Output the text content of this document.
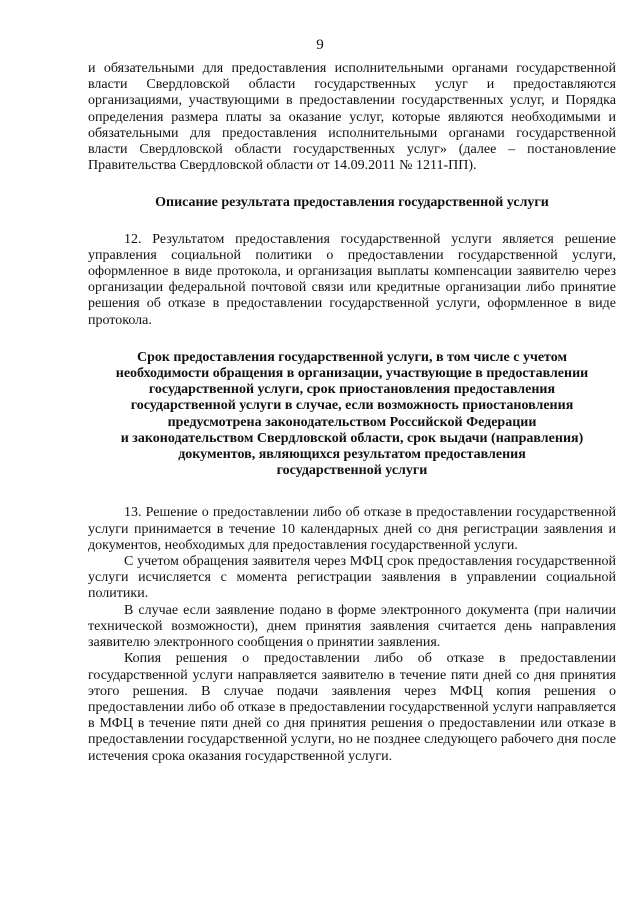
9

и обязательными для предоставления исполнительными органами государственной власти Свердловской области государственных услуг и предоставляются организациями, участвующими в предоставлении государственных услуг, и Порядка определения размера платы за оказание услуг, которые являются необходимыми и обязательными для предоставления исполнительными органами государственной власти Свердловской области государственных услуг» (далее – постановление Правительства Свердловской области от 14.09.2011 № 1211-ПП).

Описание результата предоставления государственной услуги

12. Результатом предоставления государственной услуги является решение управления социальной политики о предоставлении государственной услуги, оформленное в виде протокола, и организация выплаты компенсации заявителю через организации федеральной почтовой связи или кредитные организации либо принятие решения об отказе в предоставлении государственной услуги, оформленное в виде протокола.

Срок предоставления государственной услуги, в том числе с учетом
необходимости обращения в организации, участвующие в предоставлении
государственной услуги, срок приостановления предоставления
государственной услуги в случае, если возможность приостановления
предусмотрена законодательством Российской Федерации
и законодательством Свердловской области, срок выдачи (направления)
документов, являющихся результатом предоставления
государственной услуги

13. Решение о предоставлении либо об отказе в предоставлении государственной услуги принимается в течение 10 календарных дней со дня регистрации заявления и документов, необходимых для предоставления государственной услуги.

С учетом обращения заявителя через МФЦ срок предоставления государственной услуги исчисляется с момента регистрации заявления в управлении социальной политики.

В случае если заявление подано в форме электронного документа (при наличии технической возможности), днем принятия заявления считается день направления заявителю электронного сообщения о принятии заявления.

Копия решения о предоставлении либо об отказе в предоставлении государственной услуги направляется заявителю в течение пяти дней со дня принятия этого решения. В случае подачи заявления через МФЦ копия решения о предоставлении либо об отказе в предоставлении государственной услуги направляется в МФЦ в течение пяти дней со дня принятия решения о предоставлении или отказе в предоставлении государственной услуги, но не позднее следующего рабочего дня после истечения срока оказания государственной услуги.
